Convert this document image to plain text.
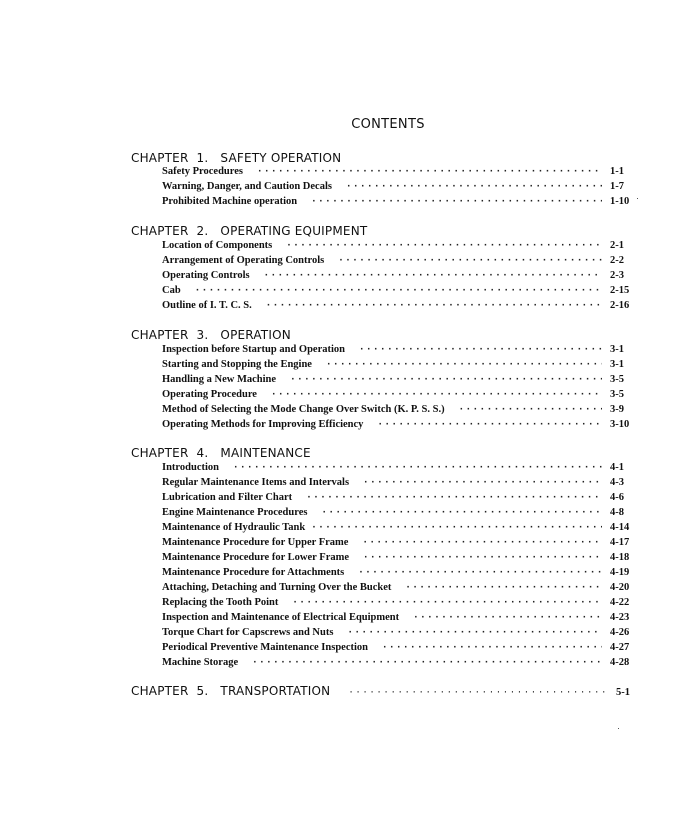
CONTENTS
CHAPTER  1.   SAFETY OPERATION
Safety Procedures ·····	1-1
Warning, Danger, and Caution Decals ·····	1-7
Prohibited Machine operation ·····	1-10
CHAPTER  2.   OPERATING EQUIPMENT
Location of Components ·····	2-1
Arrangement of Operating Controls ·····	2-2
Operating Controls ·····	2-3
Cab ·····	2-15
Outline of I. T. C. S. ·····	2-16
CHAPTER  3.   OPERATION
Inspection before Startup and Operation ·····	3-1
Starting and Stopping the Engine ·····	3-1
Handling a New Machine ·····	3-5
Operating Procedure ·····	3-5
Method of Selecting the Mode Change Over Switch (K. P. S. S.) ·····	3-9
Operating Methods for Improving Efficiency ·····	3-10
CHAPTER  4.   MAINTENANCE
Introduction ·····	4-1
Regular Maintenance Items and Intervals ·····	4-3
Lubrication and Filter Chart ·····	4-6
Engine Maintenance Procedures ·····	4-8
Maintenance of Hydraulic Tank ·····	4-14
Maintenance Procedure for Upper Frame ·····	4-17
Maintenance Procedure for Lower Frame ·····	4-18
Maintenance Procedure for Attachments ·····	4-19
Attaching, Detaching and Turning Over the Bucket ·····	4-20
Replacing the Tooth Point ·····	4-22
Inspection and Maintenance of Electrical Equipment ·····	4-23
Torque Chart for Capscrews and Nuts ·····	4-26
Periodical Preventive Maintenance Inspection ·····	4-27
Machine Storage ·····	4-28
CHAPTER  5.   TRANSPORTATION ·····	5-1
